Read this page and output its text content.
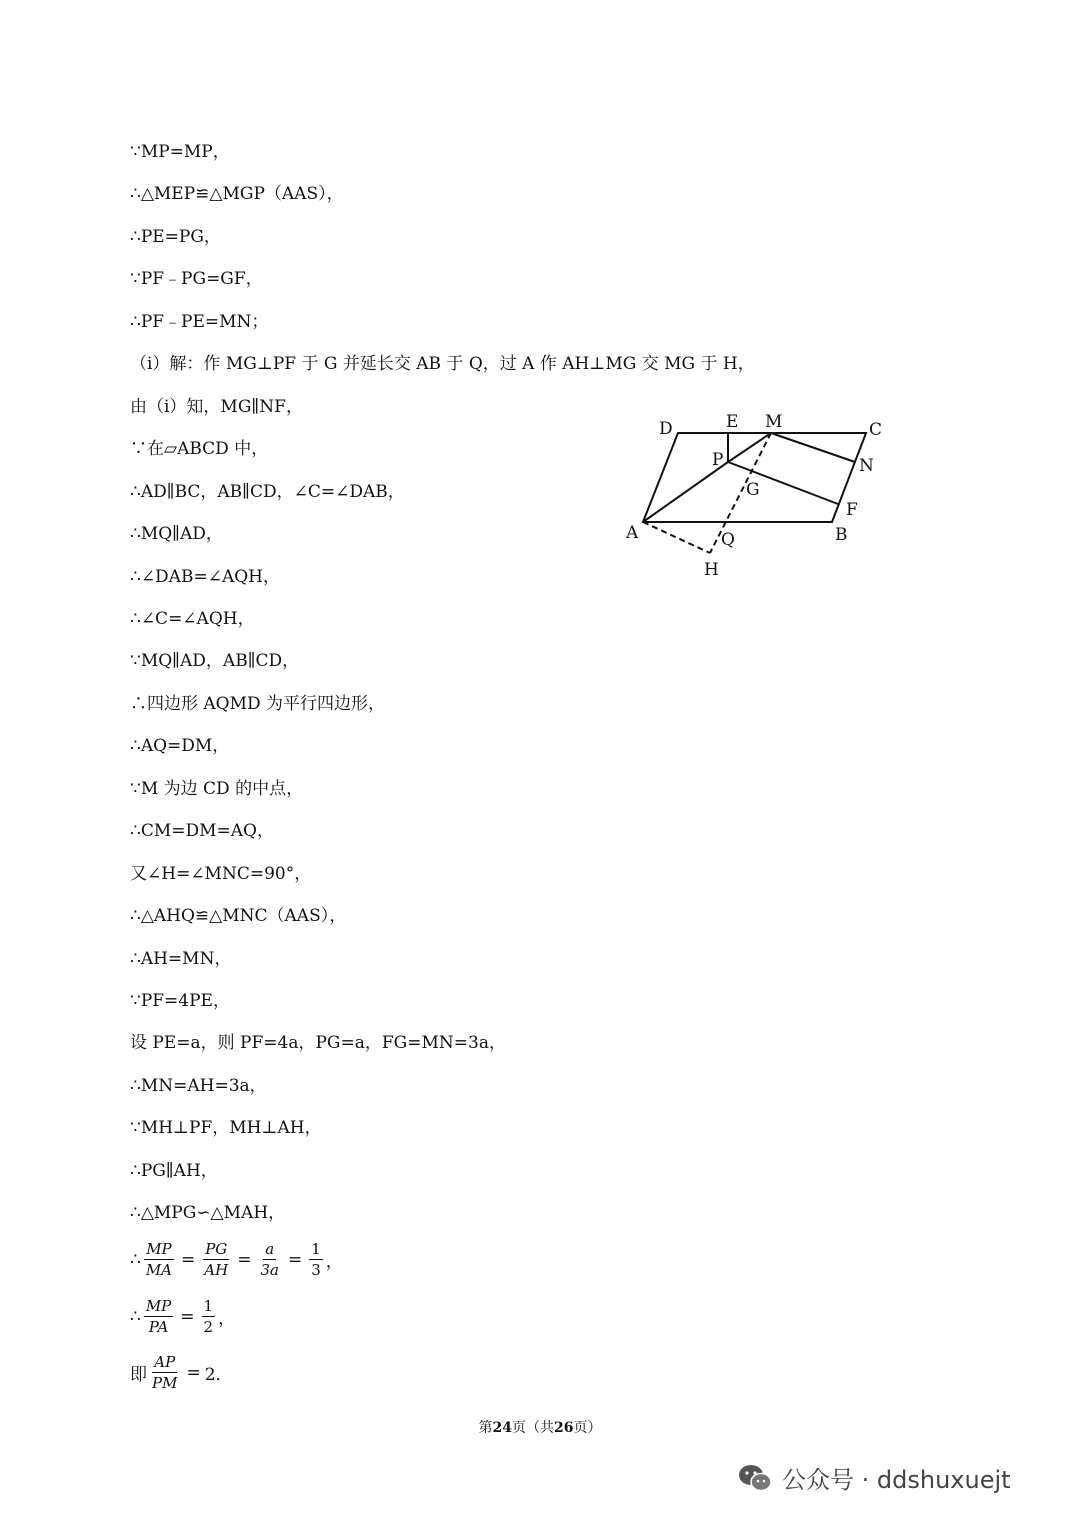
∵MP=MP，
∴△MEP≌△MGP（AAS），
∴PE=PG，
∵PF﹣PG=GF，
∴PF﹣PE=MN；
（i）解：作 MG⊥PF 于 G 并延长交 AB 于 Q，过 A 作 AH⊥MG 交 MG 于 H，
由（i）知，MG∥NF，
∵在▱ABCD 中，
∴AD∥BC，AB∥CD，∠C=∠DAB，
∴MQ∥AD，
∴∠DAB=∠AQH，
∴∠C=∠AQH，
∵MQ∥AD，AB∥CD，
∴四边形 AQMD 为平行四边形，
∴AQ=DM，
∵M 为边 CD 的中点，
∴CM=DM=AQ，
又∠H=∠MNC=90°，
∴△AHQ≌△MNC（AAS），
∴AH=MN，
∵PF=4PE，
设 PE=a，则 PF=4a，PG=a，FG=MN=3a，
∴MN=AH=3a，
∵MH⊥PF，MH⊥AH，
∴PG∥AH，
∴△MPG∽△MAH，
∴ $\frac{MP}{MA} = \frac{PG}{AH} = \frac{a}{3a} = \frac{1}{3}$ ，
∴ $\frac{MP}{PA} = \frac{1}{2}$ ，
即 $\frac{AP}{PM} = 2$．
D	E M	C
P	N
G
F
A	Q	B
H
第24页（共26页）
公众号 · ddshuxuejt
